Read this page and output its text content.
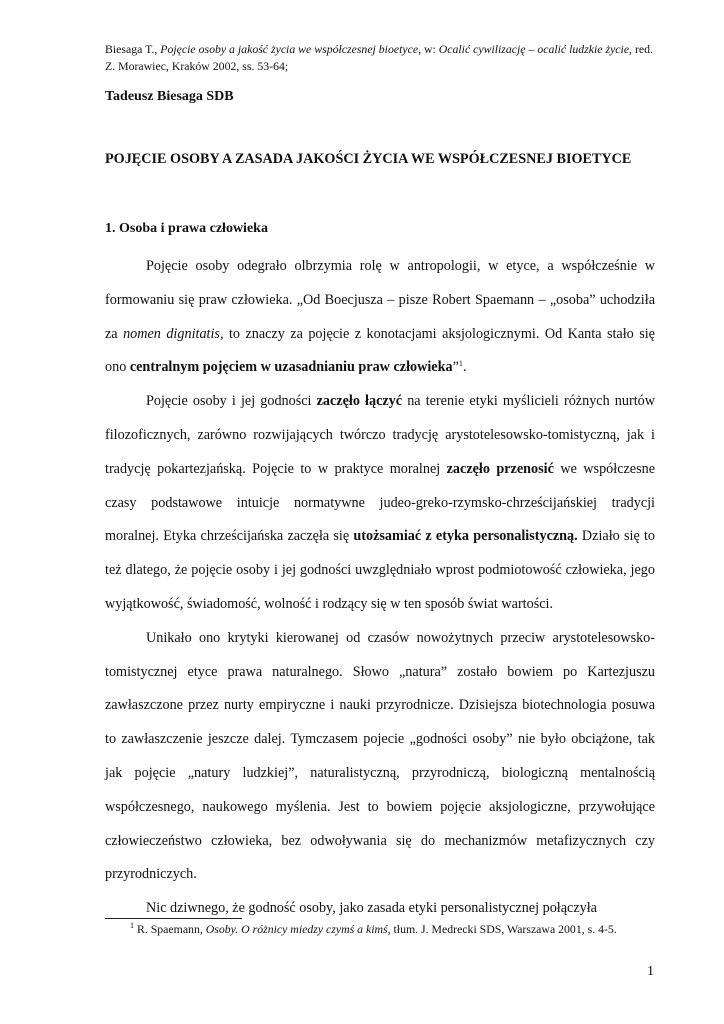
Biesaga T., Pojęcie osoby a jakość życia we współczesnej bioetyce, w: Ocalić cywilizację – ocalić ludzkie życie, red. Z. Morawiec, Kraków 2002, ss. 53-64;
Tadeusz Biesaga SDB
POJĘCIE OSOBY A ZASADA JAKOŚCI ŻYCIA WE WSPÓŁCZESNEJ BIOETYCE
1. Osoba i prawa człowieka

Pojęcie osoby odegrało olbrzymia rolę w antropologii, w etyce, a współcześnie w formowaniu się praw człowieka. „Od Boecjusza – pisze Robert Spaemann – „osoba” uchodziła za nomen dignitatis, to znaczy za pojęcie z konotacjami aksjologicznymi. Od Kanta stało się ono centralnym pojęciem w uzasadnianiu praw człowieka”$^1$.

Pojęcie osoby i jej godności zaczęło łączyć na terenie etyki myślicieli różnych nurtów filozoficznych, zarówno rozwijających twórczo tradycję arystotelesowsko-tomistyczną, jak i tradycję pokartezjańską. Pojęcie to w praktyce moralnej zaczęło przenosić we współczesne czasy podstawowe intuicje normatywne judeo-greko-rzymsko-chrześcijańskiej tradycji moralnej. Etyka chrześcijańska zaczęła się utożsamiać z etyka personalistyczną. Działo się to też dlatego, że pojęcie osoby i jej godności uwzględniało wprost podmiotowość człowieka, jego wyjątkowość, świadomość, wolność i rodzący się w ten sposób świat wartości.

Unikało ono krytyki kierowanej od czasów nowożytnych przeciw arystotelesowsko-tomistycznej etyce prawa naturalnego. Słowo „natura” zostało bowiem po Kartezjuszu zawłaszczone przez nurty empiryczne i nauki przyrodnicze. Dzisiejsza biotechnologia posuwa to zawłaszczenie jeszcze dalej. Tymczasem pojecie „godności osoby” nie było obciążone, tak jak pojęcie „natury ludzkiej”, naturalistyczną, przyrodniczą, biologiczną mentalnością współczesnego, naukowego myślenia. Jest to bowiem pojęcie aksjologiczne, przywołujące człowieczeństwo człowieka, bez odwoływania się do mechanizmów metafizycznych czy przyrodniczych.

Nic dziwnego, że godność osoby, jako zasada etyki personalistycznej połączyła

$^1$ R. Spaemann, Osoby. O różnicy miedzy czymś a kimś, tłum. J. Medrecki SDS, Warszawa 2001, s. 4-5.
1
